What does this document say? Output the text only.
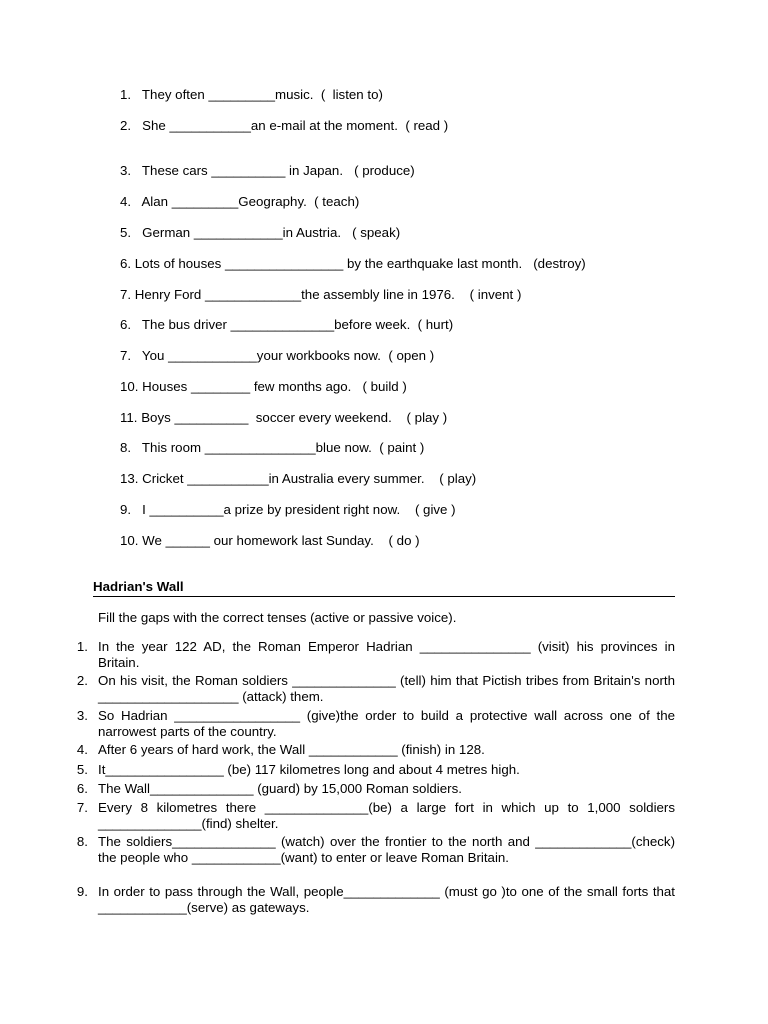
1.   They often _________music.  (  listen to)
2.   She ___________an e-mail at the moment.  ( read )
3.   These cars __________ in Japan.   ( produce)
4.   Alan _________Geography.  ( teach)
5.   German ____________in Austria.   ( speak)
6. Lots of houses ________________ by the earthquake last month.   (destroy)
7. Henry Ford _____________the assembly line in 1976.    ( invent )
6.   The bus driver ______________before week.  ( hurt)
7.   You ____________your workbooks now.  ( open )
10. Houses ________ few months ago.   ( build )
11. Boys __________  soccer every weekend.    ( play )
8.   This room _______________blue now.  ( paint )
13. Cricket ___________in Australia every summer.    ( play)
9.   I __________a prize by president right now.    ( give )
10. We ______ our homework last Sunday.    ( do )
Hadrian's Wall
Fill the gaps with the correct tenses (active or passive voice).
1. In the year 122 AD, the Roman Emperor Hadrian _______________ (visit) his provinces in Britain.
2. On his visit, the Roman soldiers ______________ (tell) him that Pictish tribes from Britain's north ___________________ (attack) them.
3. So Hadrian _________________ (give)the order to build a protective wall across one of the narrowest parts of the country.
4. After 6 years of hard work, the Wall ____________ (finish) in 128.
5. It________________ (be) 117 kilometres long and about 4 metres high.
6. The Wall______________ (guard) by 15,000 Roman soldiers.
7. Every 8 kilometres there ______________(be) a large fort in which up to 1,000 soldiers ______________(find) shelter.
8. The soldiers______________ (watch) over the frontier to the north and _____________(check) the people who ____________(want) to enter or leave Roman Britain.
9. In order to pass through the Wall, people_____________ (must go )to one of the small forts that ____________(serve) as gateways.
